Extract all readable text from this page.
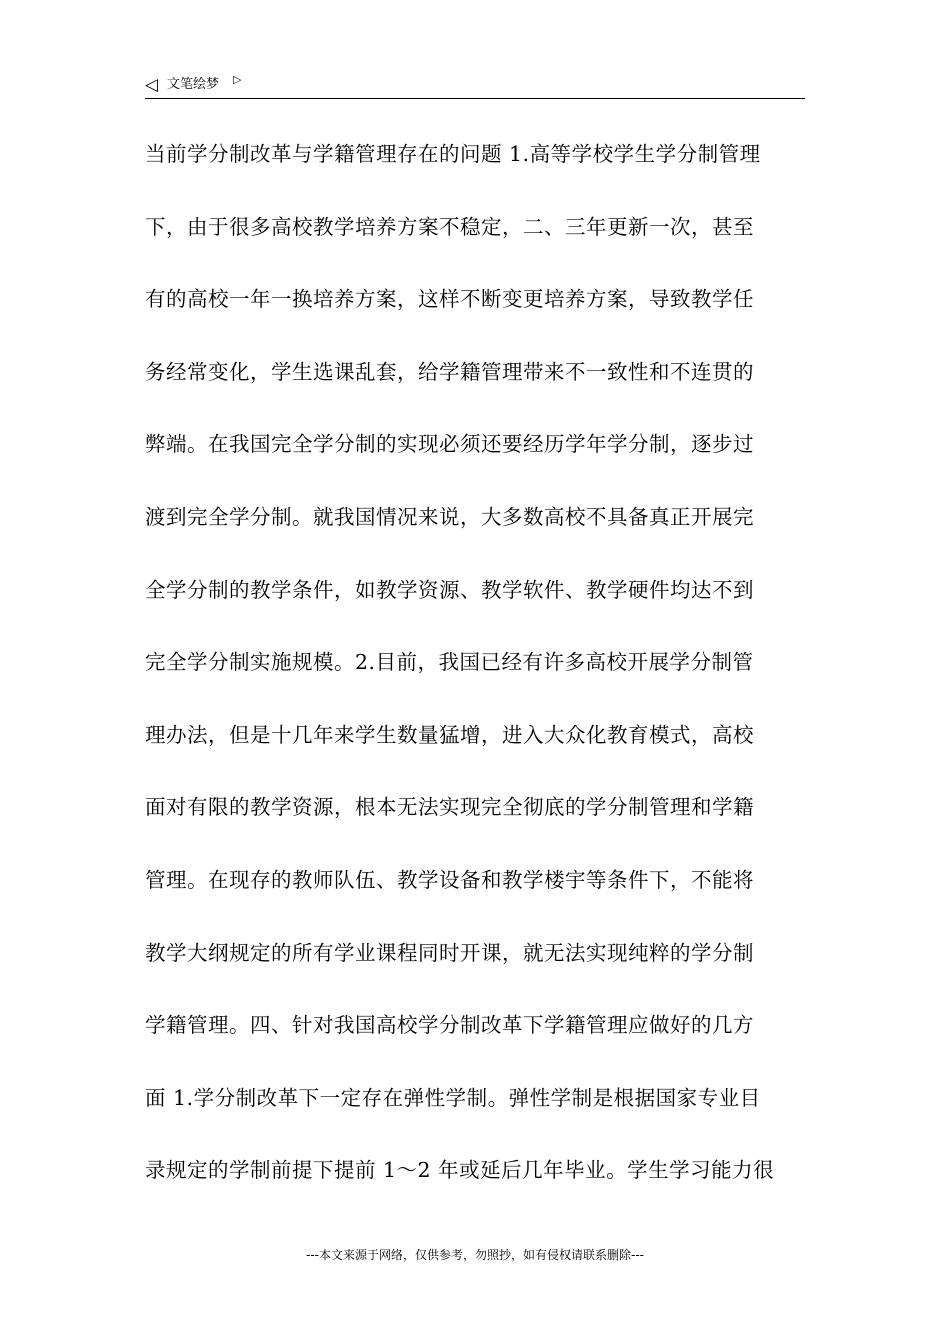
◁ 文笔绘梦 ▷
当前学分制改革与学籍管理存在的问题 1.高等学校学生学分制管理
下，由于很多高校教学培养方案不稳定，二、三年更新一次，甚至
有的高校一年一换培养方案，这样不断变更培养方案，导致教学任
务经常变化，学生选课乱套，给学籍管理带来不一致性和不连贯的
弊端。在我国完全学分制的实现必须还要经历学年学分制，逐步过
渡到完全学分制。就我国情况来说，大多数高校不具备真正开展完
全学分制的教学条件，如教学资源、教学软件、教学硬件均达不到
完全学分制实施规模。2.目前，我国已经有许多高校开展学分制管
理办法，但是十几年来学生数量猛增，进入大众化教育模式，高校
面对有限的教学资源，根本无法实现完全彻底的学分制管理和学籍
管理。在现存的教师队伍、教学设备和教学楼宇等条件下，不能将
教学大纲规定的所有学业课程同时开课，就无法实现纯粹的学分制
学籍管理。四、针对我国高校学分制改革下学籍管理应做好的几方
面 1.学分制改革下一定存在弹性学制。弹性学制是根据国家专业目
录规定的学制前提下提前 1～2 年或延后几年毕业。学生学习能力很
---本文来源于网络，仅供参考，勿照抄，如有侵权请联系删除---
